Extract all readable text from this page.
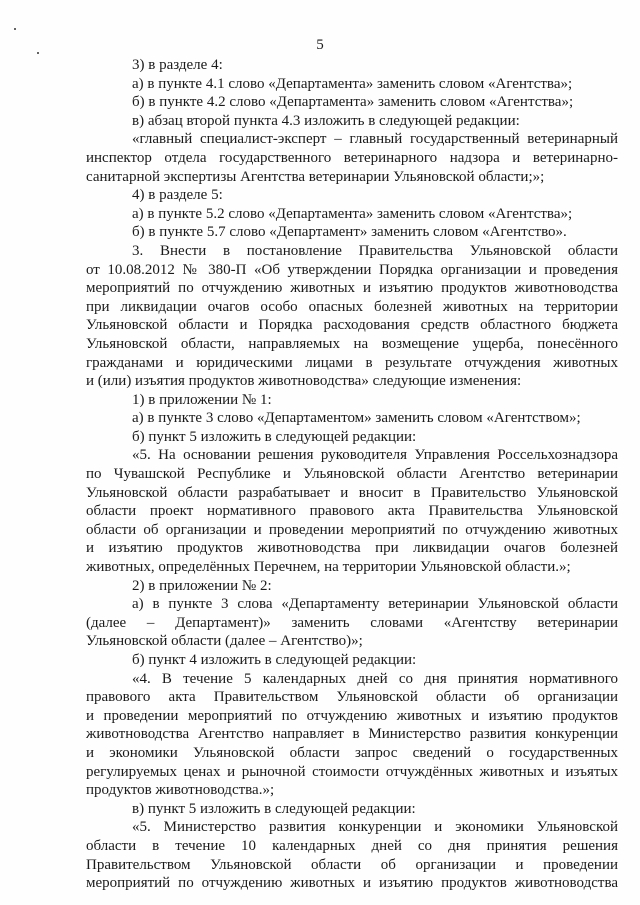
5
3) в разделе 4:
а) в пункте 4.1 слово «Департамента» заменить словом «Агентства»;
б) в пункте 4.2 слово «Департамента» заменить словом «Агентства»;
в) абзац второй пункта 4.3 изложить в следующей редакции:
«главный специалист-эксперт – главный государственный ветеринарный
инспектор отдела государственного ветеринарного надзора и ветеринарно-
санитарной экспертизы Агентства ветеринарии Ульяновской области;»;
4) в разделе 5:
а) в пункте 5.2 слово «Департамента» заменить словом «Агентства»;
б) в пункте 5.7 слово «Департамент» заменить словом «Агентство».
3. Внести в постановление Правительства Ульяновской области
от 10.08.2012 № 380-П «Об утверждении Порядка организации и проведения
мероприятий по отчуждению животных и изъятию продуктов животноводства
при ликвидации очагов особо опасных болезней животных на территории
Ульяновской области и Порядка расходования средств областного бюджета
Ульяновской области, направляемых на возмещение ущерба, понесённого
гражданами и юридическими лицами в результате отчуждения животных
и (или) изъятия продуктов животноводства» следующие изменения:
1) в приложении № 1:
а) в пункте 3 слово «Департаментом» заменить словом «Агентством»;
б) пункт 5 изложить в следующей редакции:
«5. На основании решения руководителя Управления Россельхознадзора
по Чувашской Республике и Ульяновской области Агентство ветеринарии
Ульяновской области разрабатывает и вносит в Правительство Ульяновской
области проект нормативного правового акта Правительства Ульяновской
области об организации и проведении мероприятий по отчуждению животных
и изъятию продуктов животноводства при ликвидации очагов болезней
животных, определённых Перечнем, на территории Ульяновской области.»;
2) в приложении № 2:
а) в пункте 3 слова «Департаменту ветеринарии Ульяновской области
(далее – Департамент)» заменить словами «Агентству ветеринарии
Ульяновской области (далее – Агентство)»;
б) пункт 4 изложить в следующей редакции:
«4. В течение 5 календарных дней со дня принятия нормативного
правового акта Правительством Ульяновской области об организации
и проведении мероприятий по отчуждению животных и изъятию продуктов
животноводства Агентство направляет в Министерство развития конкуренции
и экономики Ульяновской области запрос сведений о государственных
регулируемых ценах и рыночной стоимости отчуждённых животных и изъятых
продуктов животноводства.»;
в) пункт 5 изложить в следующей редакции:
«5. Министерство развития конкуренции и экономики Ульяновской
области в течение 10 календарных дней со дня принятия решения
Правительством Ульяновской области об организации и проведении
мероприятий по отчуждению животных и изъятию продуктов животноводства
